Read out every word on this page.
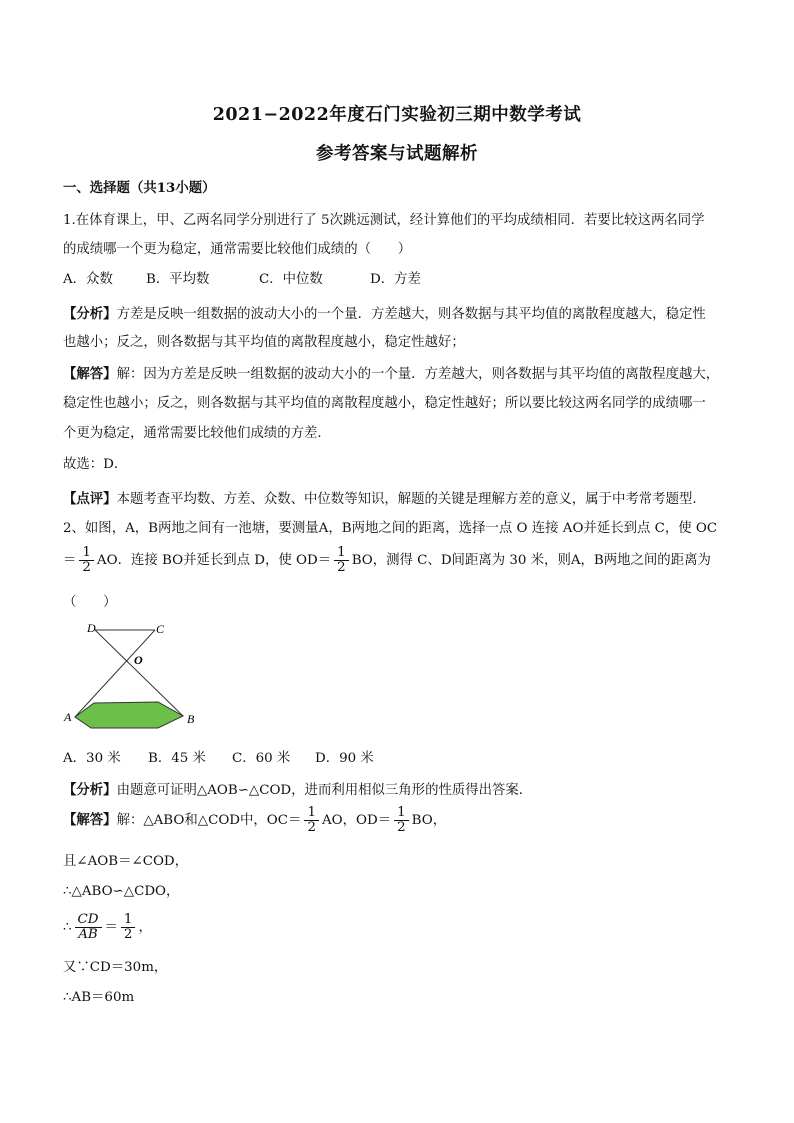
2021−2022年度石门实验初三期中数学考试
参考答案与试题解析
一、选择题（共13小题）
1.在体育课上，甲、乙两名同学分别进行了 5次跳远测试，经计算他们的平均成绩相同．若要比较这两名同学
的成绩哪一个更为稳定，通常需要比较他们成绩的（　　）
A．众数 B．平均数	C．中位数	D．方差
【分析】方差是反映一组数据的波动大小的一个量．方差越大，则各数据与其平均值的离散程度越大，稳定性
也越小；反之，则各数据与其平均值的离散程度越小，稳定性越好；
【解答】解：因为方差是反映一组数据的波动大小的一个量．方差越大，则各数据与其平均值的离散程度越大，
稳定性也越小；反之，则各数据与其平均值的离散程度越小，稳定性越好；所以要比较这两名同学的成绩哪一
个更为稳定，通常需要比较他们成绩的方差．
故选：D．
【点评】本题考查平均数、方差、众数、中位数等知识，解题的关键是理解方差的意义，属于中考常考题型．
2、如图，A，B两地之间有一池塘，要测量A，B两地之间的距离，选择一点 O 连接 AO并延长到点 C，使 OC
＝ $\frac{1}{2}$ AO．连接 BO并延长到点 D，使 $OD= \frac{1}{2}$ BO，测得 C、D间距离为 30 米，则A，B两地之间的距离为
（　　）
D	C
O
A	B
A．30 米 B．45 米 C．60 米 D．90 米
【分析】由题意可证明△AOB∽△COD，进而利用相似三角形的性质得出答案．
【解答】解：△ABO和△COD中，$OC= \frac{1}{2}$ AO，$OD= \frac{1}{2}$ BO，
且∠AOB＝∠COD，
∴△ABO∽△CDO，
∴ $\frac{CD}{AB} = \frac{1}{2}$ ，
又∵CD＝30m，
∴AB＝60m
